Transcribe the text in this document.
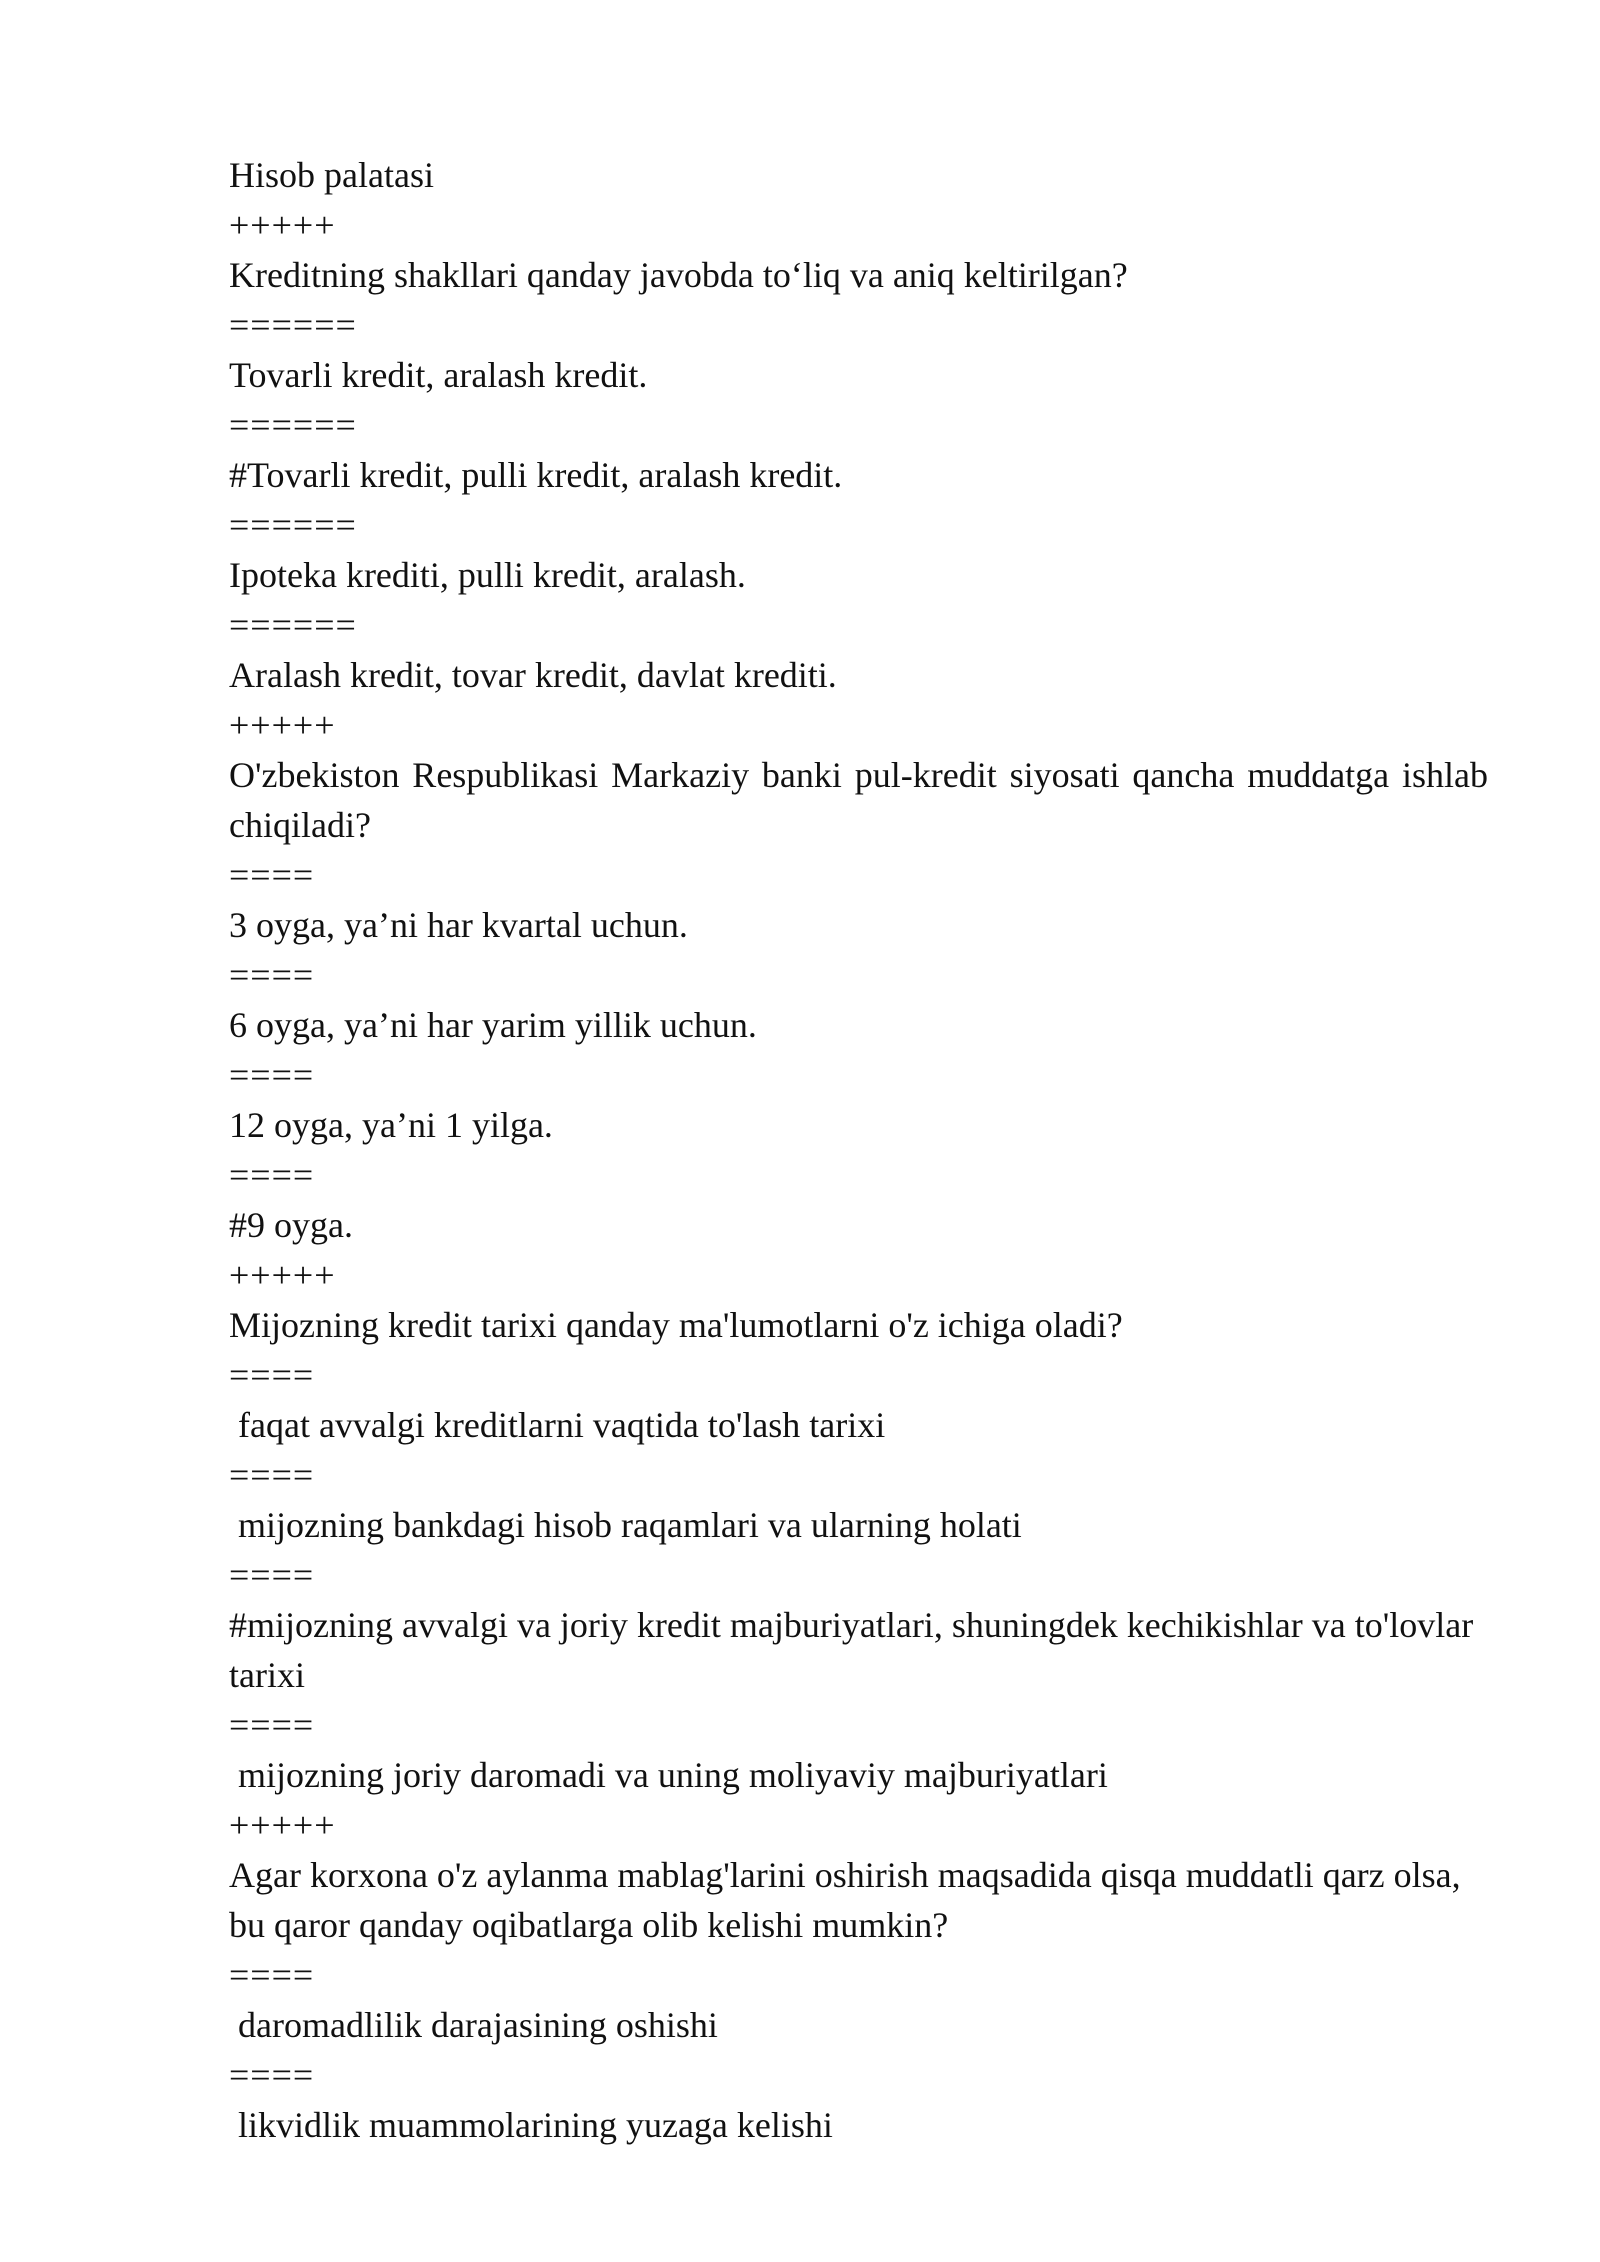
Hisob palatasi
+++++
Kreditning shakllari qanday javobda to‘liq va aniq keltirilgan?
======
Tovarli kredit, aralash kredit.
======
#Tovarli kredit, pulli kredit, aralash kredit.
======
Ipoteka krediti, pulli kredit, aralash.
======
Aralash kredit, tovar kredit, davlat krediti.
+++++
O'zbekiston Respublikasi Markaziy banki pul-kredit siyosati qancha muddatga ishlab chiqiladi?
====
3 oyga, ya’ni har kvartal uchun.
====
6 oyga, ya’ni har yarim yillik uchun.
====
12 oyga, ya’ni 1 yilga.
====
#9 oyga.
+++++
Mijozning kredit tarixi qanday ma'lumotlarni o'z ichiga oladi?
====
faqat avvalgi kreditlarni vaqtida to'lash tarixi
====
mijozning bankdagi hisob raqamlari va ularning holati
====
#mijozning avvalgi va joriy kredit majburiyatlari, shuningdek kechikishlar va to'lovlar tarixi
====
mijozning joriy daromadi va uning moliyaviy majburiyatlari
+++++
Agar korxona o'z aylanma mablag'larini oshirish maqsadida qisqa muddatli qarz olsa, bu qaror qanday oqibatlarga olib kelishi mumkin?
====
daromadlilik darajasining oshishi
====
likvidlik muammolarining yuzaga kelishi
